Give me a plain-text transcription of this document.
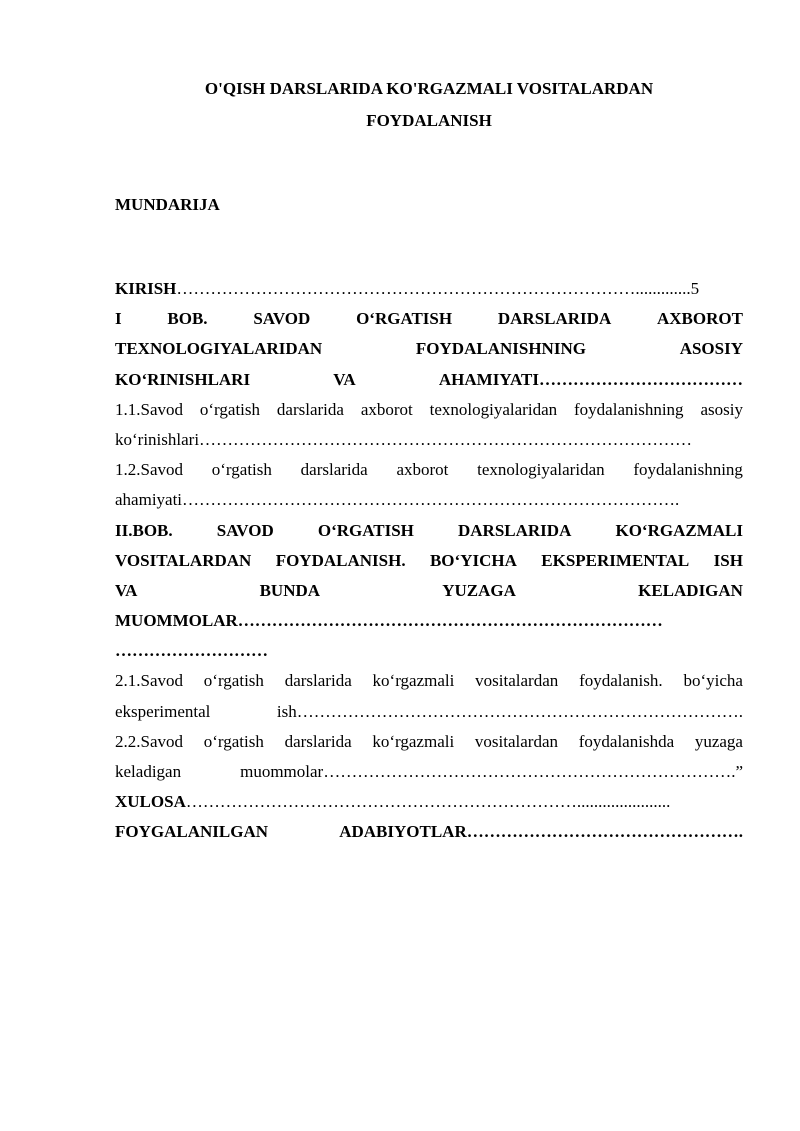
O'QISH DARSLARIDA KO'RGAZMALI VOSITALARDAN
FOYDALANISH
MUNDARIJA
KIRISH……………………………………………………………………….............5
I	BOB.	SAVOD	O‘RGATISH	DARSLARIDA	AXBOROT
TEXNOLOGIYALARIDAN	FOYDALANISHNING	ASOSIY
KO‘RINISHLARI	VA	AHAMIYATI………………………………
1.1.Savod o‘rgatish darslarida axborot texnologiyalaridan foydalanishning asosiy
ko‘rinishlari……………………………………………………………………………
1.2.Savod o‘rgatish darslarida axborot texnologiyalaridan foydalanishning
ahamiyati…………………………………………………………………………….
II.BOB.	SAVOD	O‘RGATISH	DARSLARIDA	KO‘RGAZMALI
VOSITALARDAN FOYDALANISH. BO‘YICHA EKSPERIMENTAL ISH
VA	BUNDA	YUZAGA	KELADIGAN
MUOMMOLAR…………………………………………………………………
………………………
2.1.Savod o‘rgatish darslarida ko‘rgazmali vositalardan foydalanish. bo‘yicha
eksperimental	ish…………………………………………………………………….
2.2.Savod o‘rgatish darslarida ko‘rgazmali vositalardan foydalanishda yuzaga
keladigan	muommolar……………………………………………………………….”
XULOSA……………………………………………………………......................
FOYGALANILGAN	ADABIYOTLAR………………………………………….
